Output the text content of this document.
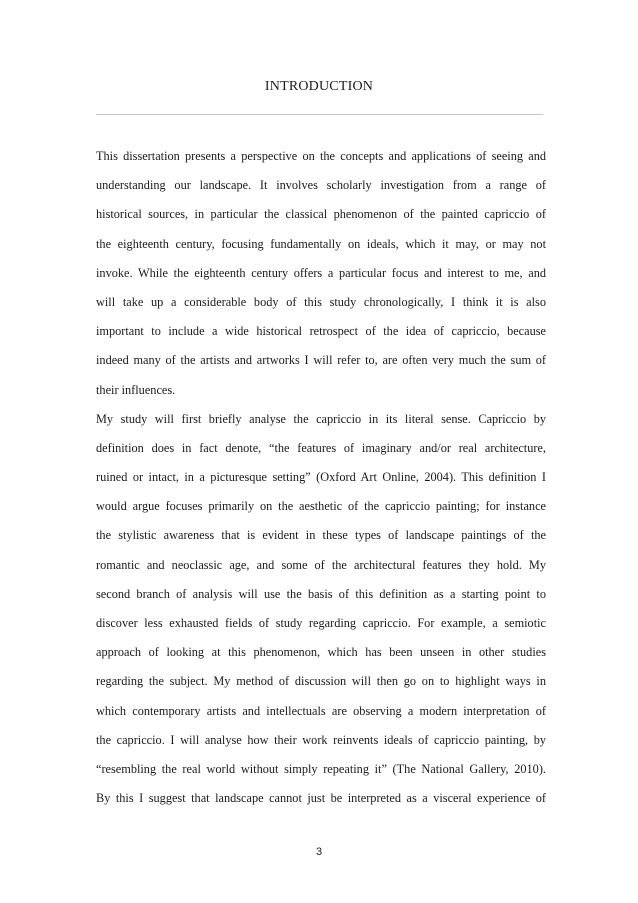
INTRODUCTION
This dissertation presents a perspective on the concepts and applications of seeing and
understanding our landscape. It involves scholarly investigation from a range of
historical sources, in particular the classical phenomenon of the painted capriccio of
the eighteenth century, focusing fundamentally on ideals, which it may, or may not
invoke. While the eighteenth century offers a particular focus and interest to me, and
will take up a considerable body of this study chronologically, I think it is also
important to include a wide historical retrospect of the idea of capriccio, because
indeed many of the artists and artworks I will refer to, are often very much the sum of
their influences.
My study will first briefly analyse the capriccio in its literal sense. Capriccio by
definition does in fact denote, “the features of imaginary and/or real architecture,
ruined or intact, in a picturesque setting” (Oxford Art Online, 2004). This definition I
would argue focuses primarily on the aesthetic of the capriccio painting; for instance
the stylistic awareness that is evident in these types of landscape paintings of the
romantic and neoclassic age, and some of the architectural features they hold. My
second branch of analysis will use the basis of this definition as a starting point to
discover less exhausted fields of study regarding capriccio. For example, a semiotic
approach of looking at this phenomenon, which has been unseen in other studies
regarding the subject. My method of discussion will then go on to highlight ways in
which contemporary artists and intellectuals are observing a modern interpretation of
the capriccio. I will analyse how their work reinvents ideals of capriccio painting, by
“resembling the real world without simply repeating it” (The National Gallery, 2010).
By this I suggest that landscape cannot just be interpreted as a visceral experience of
3
